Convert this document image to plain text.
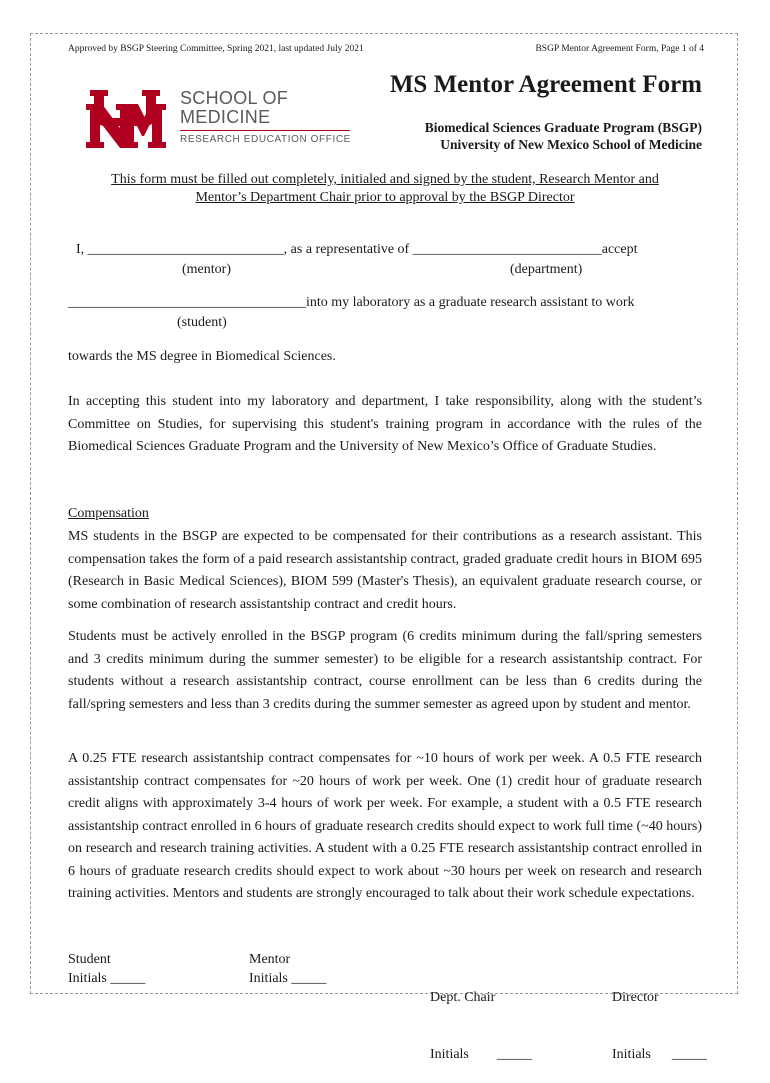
Approved by BSGP Steering Committee, Spring 2021, last updated July 2021	BSGP Mentor Agreement Form, Page 1 of 4
SCHOOL OF
MEDICINE
RESEARCH EDUCATION OFFICE
MS Mentor Agreement Form
Biomedical Sciences Graduate Program (BSGP)
University of New Mexico School of Medicine
This form must be filled out completely, initialed and signed by the student, Research Mentor and
Mentor’s Department Chair prior to approval by the BSGP Director
I, ____________________________, as a representative of ___________________________accept
(mentor)	(department)
__________________________________into my laboratory as a graduate research assistant to work
(student)
towards the MS degree in Biomedical Sciences.
In accepting this student into my laboratory and department, I take responsibility, along with the student’s Committee on Studies, for supervising this student's training program in accordance with the rules of the Biomedical Sciences Graduate Program and the University of New Mexico’s Office of Graduate Studies.
Compensation
MS students in the BSGP are expected to be compensated for their contributions as a research assistant. This compensation takes the form of a paid research assistantship contract, graded graduate credit hours in BIOM 695 (Research in Basic Medical Sciences), BIOM 599 (Master's Thesis), an equivalent graduate research course, or some combination of research assistantship contract and credit hours.
Students must be actively enrolled in the BSGP program (6 credits minimum during the fall/spring semesters and 3 credits minimum during the summer semester) to be eligible for a research assistantship contract. For students without a research assistantship contract, course enrollment can be less than 6 credits during the fall/spring semesters and less than 3 credits during the summer semester as agreed upon by student and mentor.
A 0.25 FTE research assistantship contract compensates for ~10 hours of work per week. A 0.5 FTE research assistantship contract compensates for ~20 hours of work per week. One (1) credit hour of graduate research credit aligns with approximately 3-4 hours of work per week. For example, a student with a 0.5 FTE research assistantship contract enrolled in 6 hours of graduate research credits should expect to work full time (~40 hours) on research and research training activities. A student with a 0.25 FTE research assistantship contract enrolled in 6 hours of graduate research credits should expect to work about ~30 hours per week on research and research training activities. Mentors and students are strongly encouraged to talk about their work schedule expectations.
Student
Initials _____
Mentor
Initials _____

Dept. Chair

Initials        _____

Director

Initials      _____
